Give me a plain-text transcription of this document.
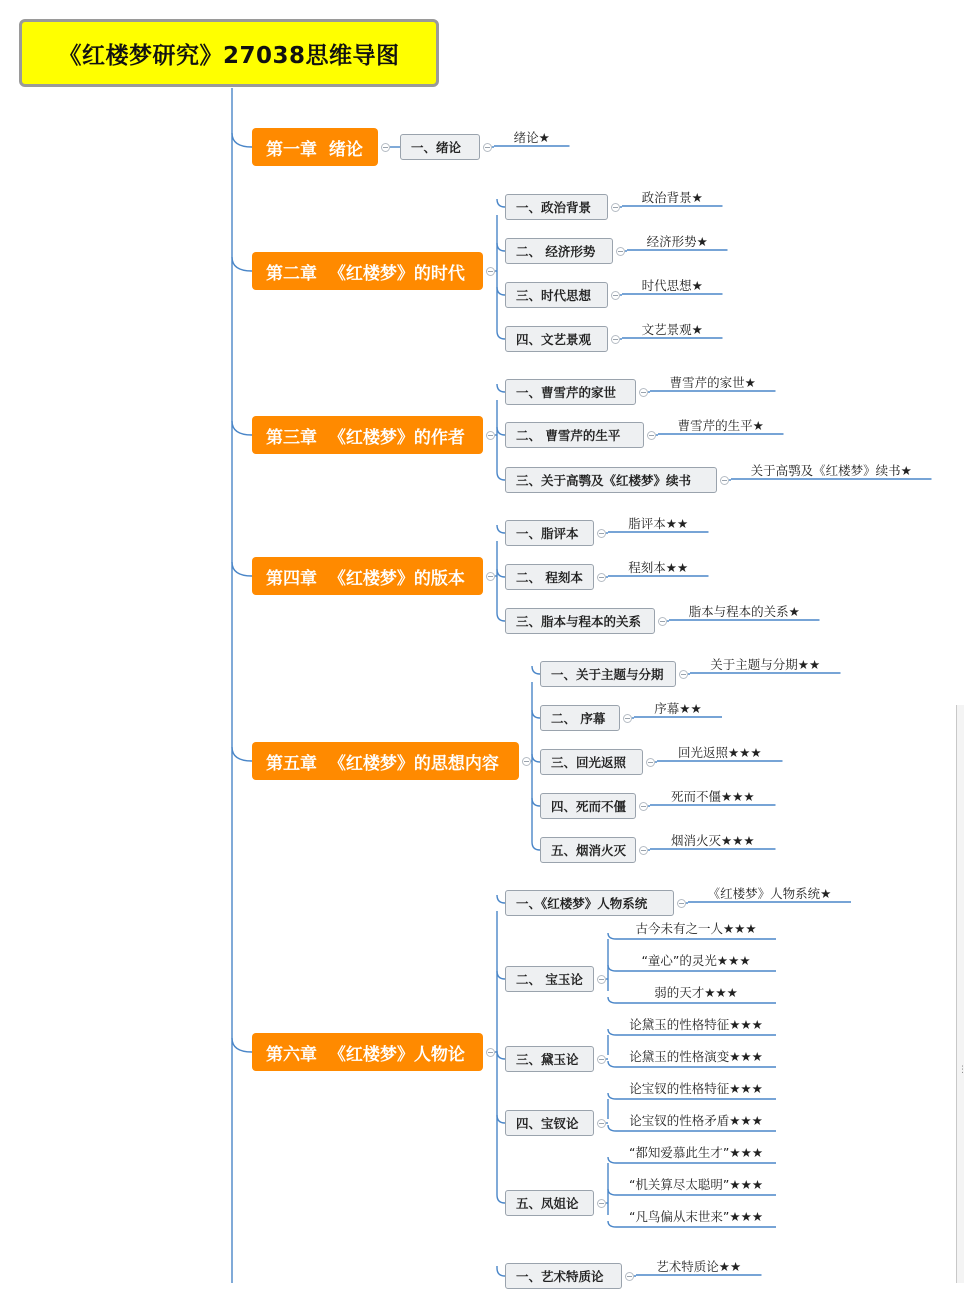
《红楼梦研究》27038思维导图
第一章  绪论	一、绪论
绪论★
第二章  《红楼梦》的时代
一、政治背景
政治背景★
二、 经济形势
经济形势★
三、时代思想
时代思想★
四、文艺景观
文艺景观★
第三章  《红楼梦》的作者
一、曹雪芹的家世
曹雪芹的家世★
二、 曹雪芹的生平
曹雪芹的生平★
三、关于高鹗及《红楼梦》续书
关于高鹗及《红楼梦》续书★
第四章  《红楼梦》的版本
一、脂评本
脂评本★★
二、 程刻本
程刻本★★
三、脂本与程本的关系
脂本与程本的关系★
第五章  《红楼梦》的思想内容
一、关于主题与分期
关于主题与分期★★
二、 序幕
序幕★★
三、回光返照
回光返照★★★
四、死而不僵
死而不僵★★★
五、烟消火灭
烟消火灭★★★
第六章  《红楼梦》人物论
一、《红楼梦》人物系统
《红楼梦》人物系统★
二、 宝玉论
古今未有之一人★★★
“童心”的灵光★★★
弱的天才★★★
三、黛玉论
论黛玉的性格特征★★★
论黛玉的性格演变★★★
四、宝钗论
论宝钗的性格特征★★★
论宝钗的性格矛盾★★★
五、凤姐论
“都知爱慕此生才”★★★
“机关算尽太聪明”★★★
“凡鸟偏从末世来”★★★
一、艺术特质论
艺术特质论★★
⋮
